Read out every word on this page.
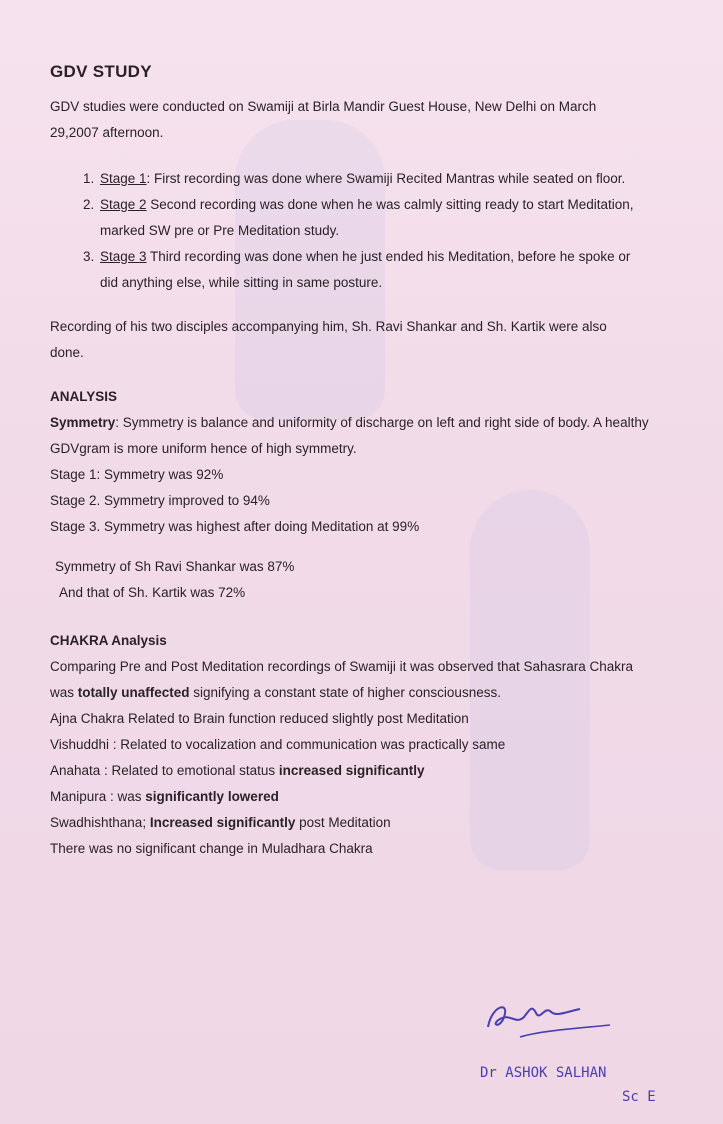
GDV STUDY

GDV studies were conducted on Swamiji at Birla Mandir Guest House, New Delhi on March 29,2007 afternoon.

1. Stage 1: First recording was done where Swamiji Recited Mantras while seated on floor.
2. Stage 2 Second recording was done when he was calmly sitting ready to start Meditation, marked SW pre or Pre Meditation study.
3. Stage 3 Third recording was done when he just ended his Meditation, before he spoke or did anything else, while sitting in same posture.

Recording of his two disciples accompanying him, Sh. Ravi Shankar and Sh. Kartik were also done.

ANALYSIS

Symmetry: Symmetry is balance and uniformity of discharge on left and right side of body. A healthy GDVgram is more uniform hence of high symmetry.

Stage 1: Symmetry was 92%

Stage 2. Symmetry improved to 94%

Stage 3. Symmetry was highest after doing Meditation at 99%

Symmetry of Sh Ravi Shankar was 87%

And that of Sh. Kartik was 72%

CHAKRA Analysis

Comparing Pre and Post Meditation recordings of Swamiji it was observed that Sahasrara Chakra was totally unaffected signifying a constant state of higher consciousness.

Ajna Chakra Related to Brain function reduced slightly post Meditation

Vishuddhi : Related to vocalization and communication was practically same

Anahata : Related to emotional status increased significantly

Manipura : was significantly lowered

Swadhishthana; Increased significantly post Meditation

There was no significant change in Muladhara Chakra

Dr ASHOK SALHAN
Sc E
